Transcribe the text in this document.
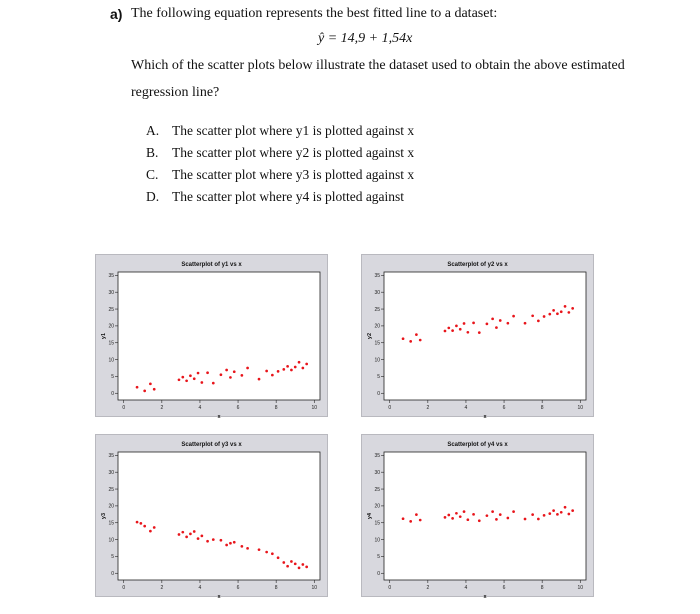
a) The following equation represents the best fitted line to a dataset:
ŷ = 14,9 + 1,54x
Which of the scatter plots below illustrate the dataset used to obtain the above estimated
regression line?
A. The scatter plot where y1 is plotted against x
B.	The scatter plot where y2 is plotted against x
C.	The scatter plot where y3 is plotted against x
D. The scatter plot where y4 is plotted against
Scatterplot of y1 vs x
0
5
10
15
20
25
30
35
0	2	4	6	8	10
x
y1
Scatterplot of y2 vs x
0
5
10
15
20
25
30
35
0	2	4	6	8	10
x
y2
Scatterplot of y3 vs x
0
5
10
15
20
25
30
35
0	2	4	6	8	10
x
y3
Scatterplot of y4 vs x
0
5
10
15
20
25
30
35
0	2	4	6	8	10
x
y4
